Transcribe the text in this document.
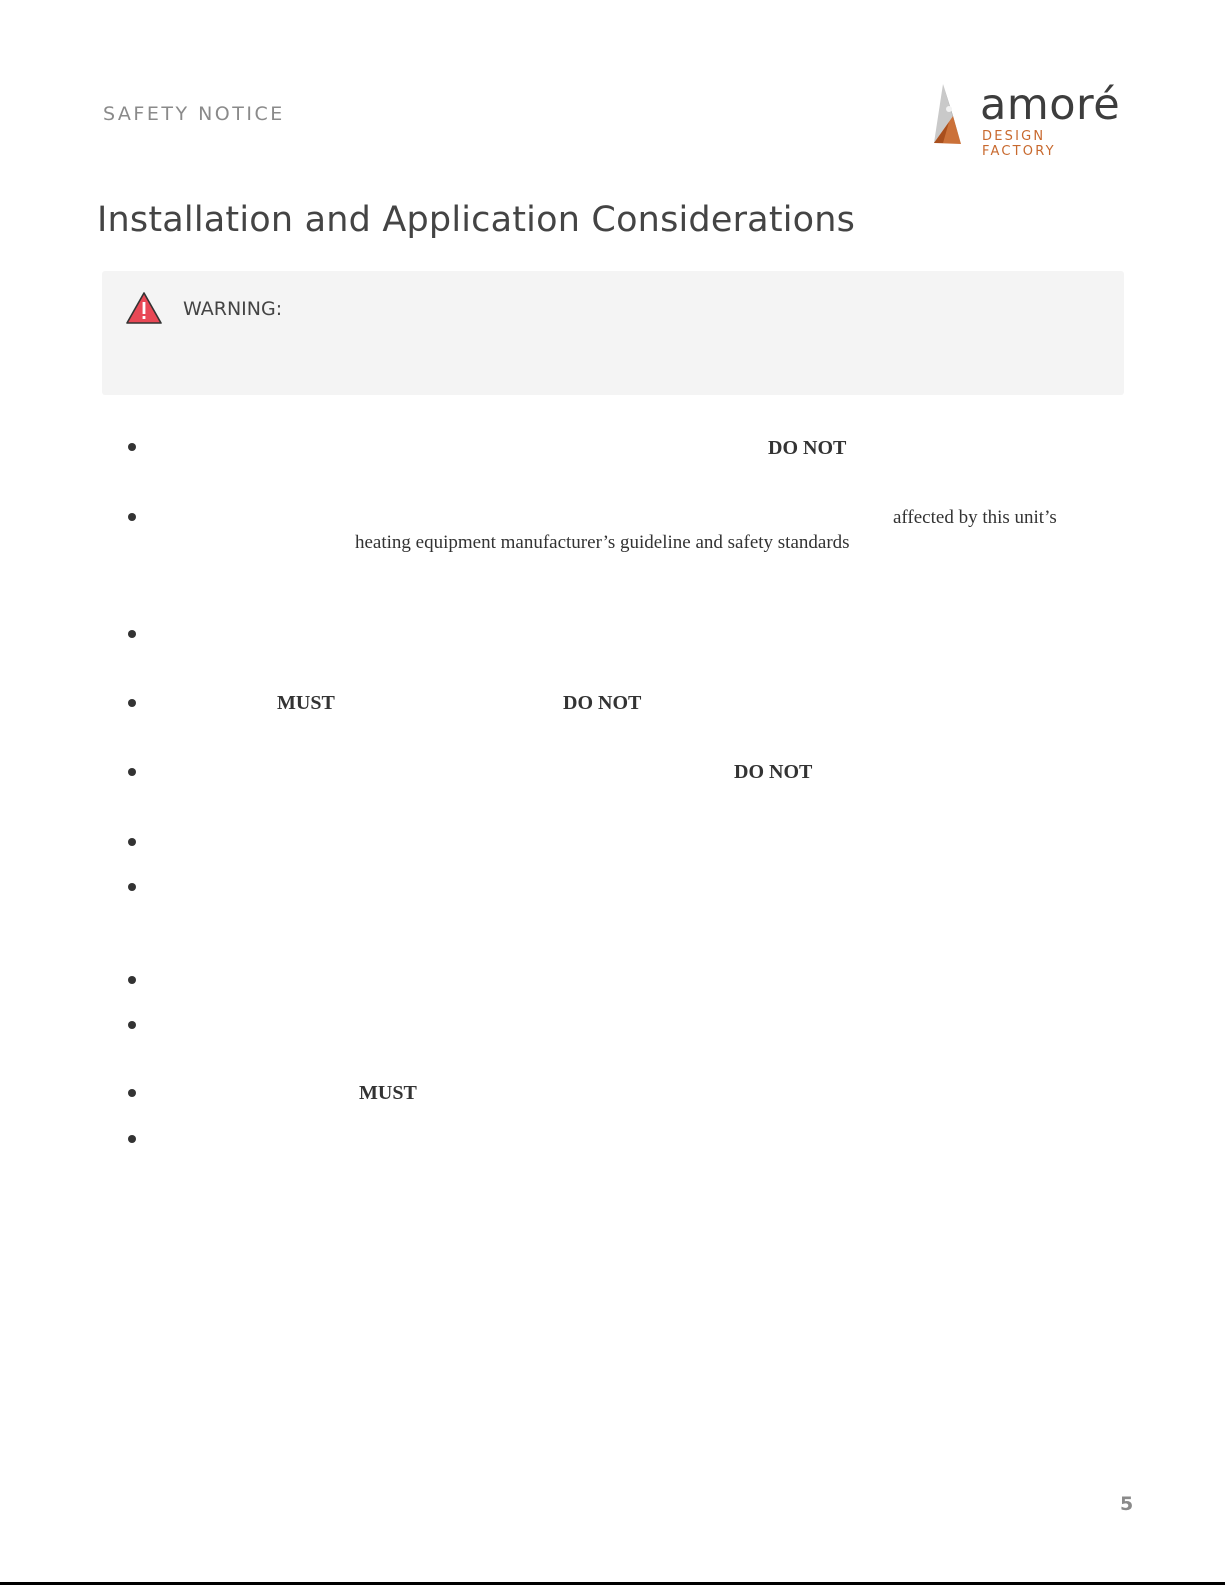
SAFETY NOTICE	amoré
DESIGN FACTORY
Installation and Application Considerations
WARNING:
DO NOT
affected by this unit’s
heating equipment manufacturer’s guideline and safety standards
MUST	DO NOT
DO NOT
MUST
5
